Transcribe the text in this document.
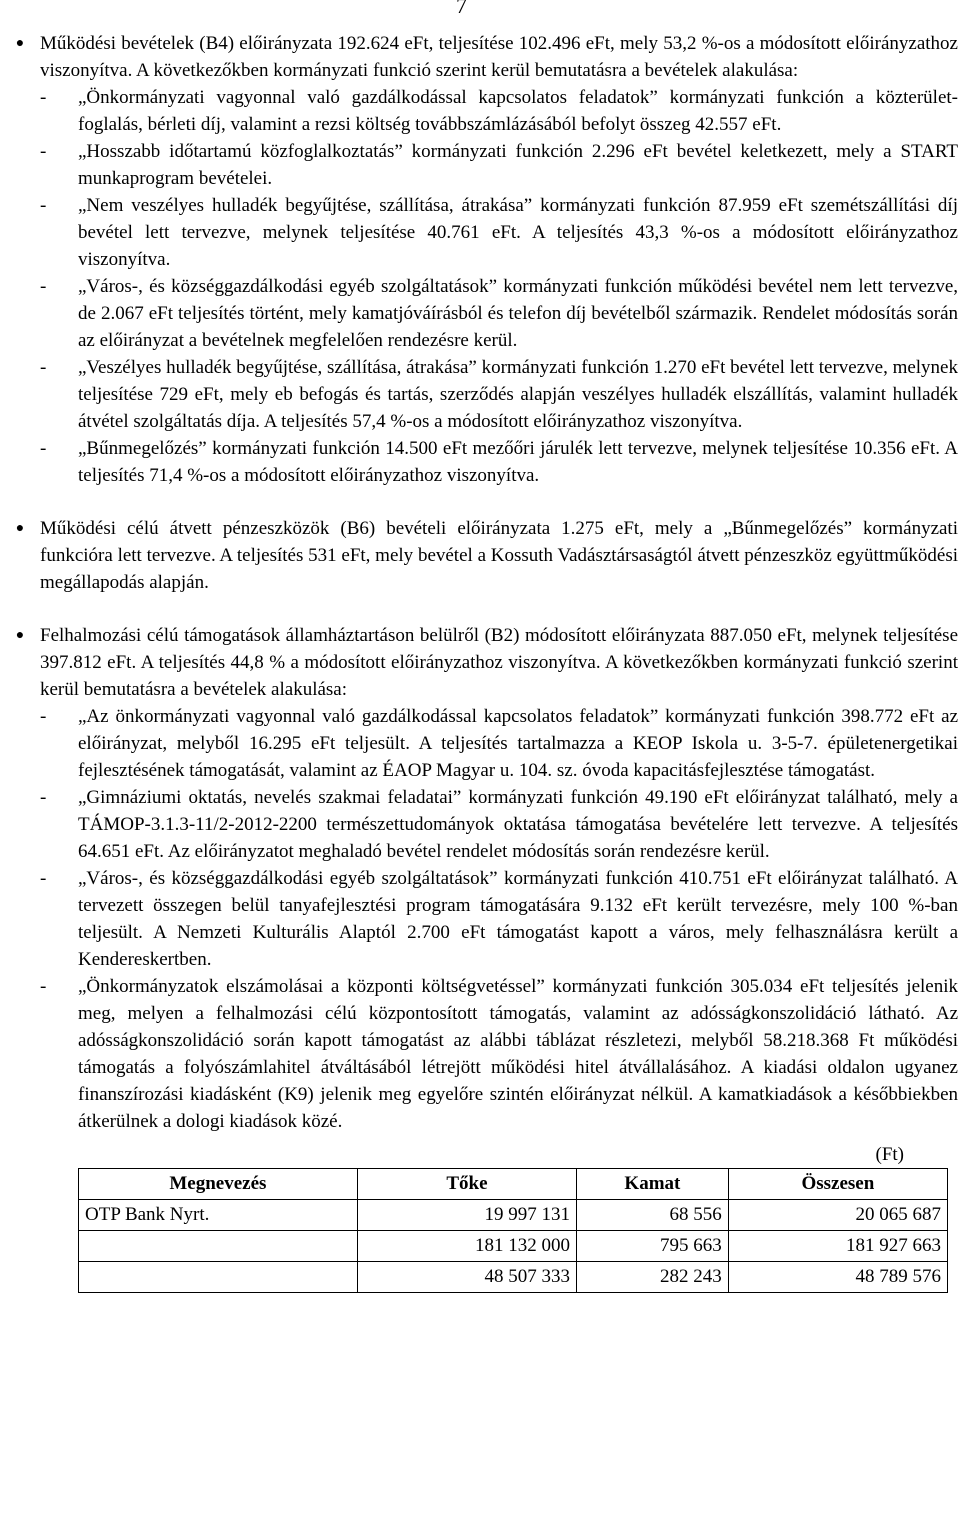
7
● Működési bevételek (B4) előirányzata 192.624 eFt, teljesítése 102.496 eFt, mely 53,2 %-os a módosított előirányzathoz viszonyítva. A következőkben kormányzati funkció szerint kerül bemutatásra a bevételek alakulása:

- „Önkormányzati vagyonnal való gazdálkodással kapcsolatos feladatok” kormányzati funkción a közterület-foglalás, bérleti díj, valamint a rezsi költség továbbszámlázásából befolyt összeg 42.557 eFt.
- „Hosszabb időtartamú közfoglalkoztatás” kormányzati funkción 2.296 eFt bevétel keletkezett, mely a START munkaprogram bevételei.
- „Nem veszélyes hulladék begyűjtése, szállítása, átrakása” kormányzati funkción 87.959 eFt szemétszállítási díj bevétel lett tervezve, melynek teljesítése 40.761 eFt. A teljesítés 43,3 %-os a módosított előirányzathoz viszonyítva.
- „Város-, és községgazdálkodási egyéb szolgáltatások” kormányzati funkción működési bevétel nem lett tervezve, de 2.067 eFt teljesítés történt, mely kamatjóváírásból és telefon díj bevételből származik. Rendelet módosítás során az előirányzat a bevételnek megfelelően rendezésre kerül.
- „Veszélyes hulladék begyűjtése, szállítása, átrakása” kormányzati funkción 1.270 eFt bevétel lett tervezve, melynek teljesítése 729 eFt, mely eb befogás és tartás, szerződés alapján veszélyes hulladék elszállítás, valamint hulladék átvétel szolgáltatás díja. A teljesítés 57,4 %-os a módosított előirányzathoz viszonyítva.
- „Bűnmegelőzés” kormányzati funkción 14.500 eFt mezőőri járulék lett tervezve, melynek teljesítése 10.356 eFt. A teljesítés 71,4 %-os a módosított előirányzathoz viszonyítva.
● Működési célú átvett pénzeszközök (B6) bevételi előirányzata 1.275 eFt, mely a „Bűnmegelőzés” kormányzati funkcióra lett tervezve. A teljesítés 531 eFt, mely bevétel a Kossuth Vadásztársaságtól átvett pénzeszköz együttműködési megállapodás alapján.

● Felhalmozási célú támogatások államháztartáson belülről (B2) módosított előirányzata 887.050 eFt, melynek teljesítése 397.812 eFt. A teljesítés 44,8 % a módosított előirányzathoz viszonyítva. A következőkben kormányzati funkció szerint kerül bemutatásra a bevételek alakulása:

- „Az önkormányzati vagyonnal való gazdálkodással kapcsolatos feladatok” kormányzati funkción 398.772 eFt az előirányzat, melyből 16.295 eFt teljesült. A teljesítés tartalmazza a KEOP Iskola u. 3-5-7. épületenergetikai fejlesztésének támogatását, valamint az ÉAOP Magyar u. 104. sz. óvoda kapacitásfejlesztése támogatást.
- „Gimnáziumi oktatás, nevelés szakmai feladatai” kormányzati funkción 49.190 eFt előirányzat található, mely a TÁMOP-3.1.3-11/2-2012-2200 természettudományok oktatása támogatása bevételére lett tervezve. A teljesítés 64.651 eFt. Az előirányzatot meghaladó bevétel rendelet módosítás során rendezésre kerül.
- „Város-, és községgazdálkodási egyéb szolgáltatások” kormányzati funkción 410.751 eFt előirányzat található. A tervezett összegen belül tanyafejlesztési program támogatására 9.132 eFt került tervezésre, mely 100 %-ban teljesült. A Nemzeti Kulturális Alaptól 2.700 eFt támogatást kapott a város, mely felhasználásra került a Kendereskertben.
- „Önkormányzatok elszámolásai a központi költségvetéssel” kormányzati funkción 305.034 eFt teljesítés jelenik meg, melyen a felhalmozási célú központosított támogatás, valamint az adósságkonszolidáció látható. Az adósságkonszolidáció során kapott támogatást az alábbi táblázat részletezi, melyből 58.218.368 Ft működési támogatás a folyószámlahitel átváltásából létrejött működési hitel átvállalásához. A kiadási oldalon ugyanez finanszírozási kiadásként (K9) jelenik meg egyelőre szintén előirányzat nélkül. A kamatkiadások a későbbiekben átkerülnek a dologi kiadások közé.
(Ft)
Megnevezés	Tőke	Kamat	Összesen
OTP Bank Nyrt.	19 997 131	68 556	20 065 687
	181 132 000	795 663	181 927 663
	48 507 333	282 243	48 789 576
